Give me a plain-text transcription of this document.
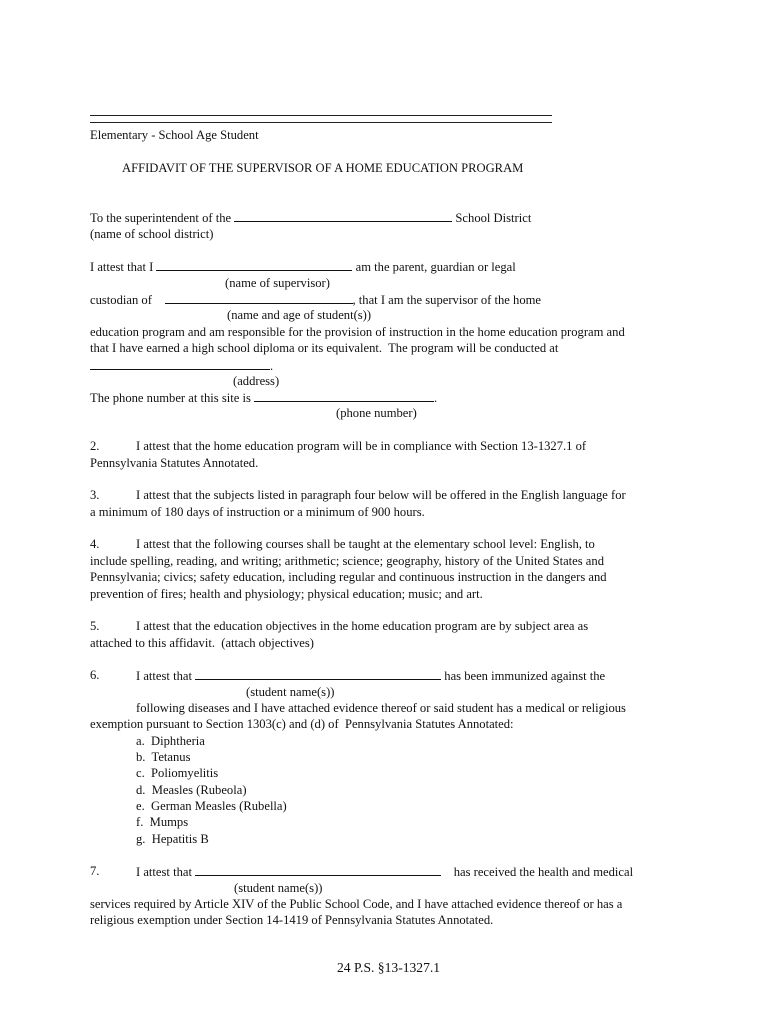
Elementary - School Age Student
AFFIDAVIT OF THE SUPERVISOR OF A HOME EDUCATION PROGRAM
To the superintendent of the	School District
(name of school district)
I attest that I	am the parent, guardian or legal
(name of supervisor)
custodian of	, that I am the supervisor of the home
(name and age of student(s))
education program and am responsible for the provision of instruction in the home education program and
that I have earned a high school diploma or its equivalent.  The program will be conducted at
.
(address)
The phone number at this site is	.
(phone number)
2.	I attest that the home education program will be in compliance with Section 13-1327.1 of
Pennsylvania Statutes Annotated.
3.	I attest that the subjects listed in paragraph four below will be offered in the English language for
a minimum of 180 days of instruction or a minimum of 900 hours.
4.	I attest that the following courses shall be taught at the elementary school level: English, to
include spelling, reading, and writing; arithmetic; science; geography, history of the United States and
Pennsylvania; civics; safety education, including regular and continuous instruction in the dangers and
prevention of fires; health and physiology; physical education; music; and art.
5.	I attest that the education objectives in the home education program are by subject area as
attached to this affidavit.  (attach objectives)
6.	I attest that	has been immunized against the
(student name(s))
following diseases and I have attached evidence thereof or said student has a medical or religious
exemption pursuant to Section 1303(c) and (d) of  Pennsylvania Statutes Annotated:
a.  Diphtheria
b.  Tetanus
c.  Poliomyelitis
d.  Measles (Rubeola)
e.  German Measles (Rubella)
f.  Mumps
g.  Hepatitis B
7.	I attest that	has received the health and medical
(student name(s))
services required by Article XIV of the Public School Code, and I have attached evidence thereof or has a
religious exemption under Section 14-1419 of Pennsylvania Statutes Annotated.
24 P.S. §13-1327.1
